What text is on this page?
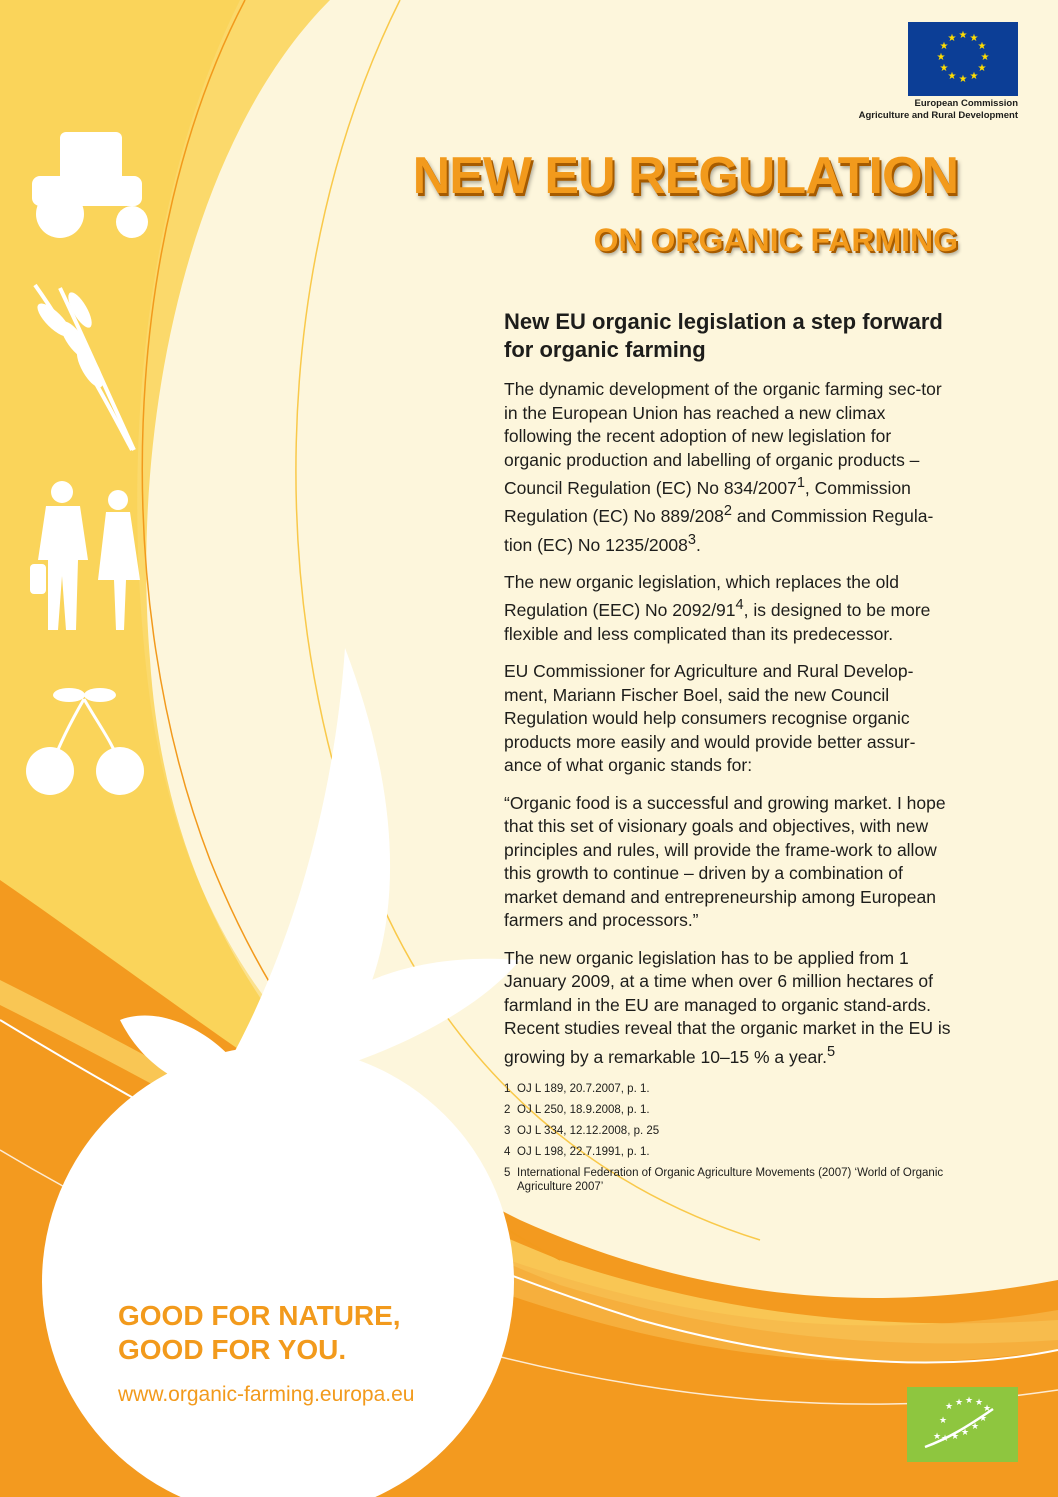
★ ★
★
★
★
★
★
★
★
★
★
★
European Commission
Agriculture and Rural Development
NEW EU REGULATION
ON ORGANIC FARMING
New EU organic legislation a step forward for organic farming

The dynamic development of the organic farming sec-tor in the European Union has reached a new climax following the recent adoption of new legislation for organic production and labelling of organic products – Council Regulation (EC) No 834/2007$^1$, Commission Regulation (EC) No $889/208^2$ and Commission Regula-tion (EC) No 1235/2008$^3$.

The new organic legislation, which replaces the old Regulation (EEC) No $2092/91^4$, is designed to be more flexible and less complicated than its predecessor.

EU Commissioner for Agriculture and Rural Develop-ment, Mariann Fischer Boel, said the new Council Regulation would help consumers recognise organic products more easily and would provide better assur-ance of what organic stands for:

“Organic food is a successful and growing market. I hope that this set of visionary goals and objectives, with new principles and rules, will provide the frame-work to allow this growth to continue – driven by a combination of market demand and entrepreneurship among European farmers and processors.”

The new organic legislation has to be applied from 1 January 2009, at a time when over 6 million hectares of farmland in the EU are managed to organic stand-ards. Recent studies reveal that the organic market in the EU is growing by a remarkable 10–15 % a year.$^5$

1 OJ L 189, 20.7.2007, p. 1.
2 OJ L 250, 18.9.2008, p. 1.
3 OJ L 334, 12.12.2008, p. 25
4 OJ L 198, 22.7.1991, p. 1.
5 International Federation of Organic Agriculture Movements (2007) ‘World of Organic Agriculture 2007’
GOOD FOR NATURE,
GOOD FOR YOU.
www.organic-farming.europa.eu
★ ★ ★ ★
★
★
★
★
★
★
★
★
